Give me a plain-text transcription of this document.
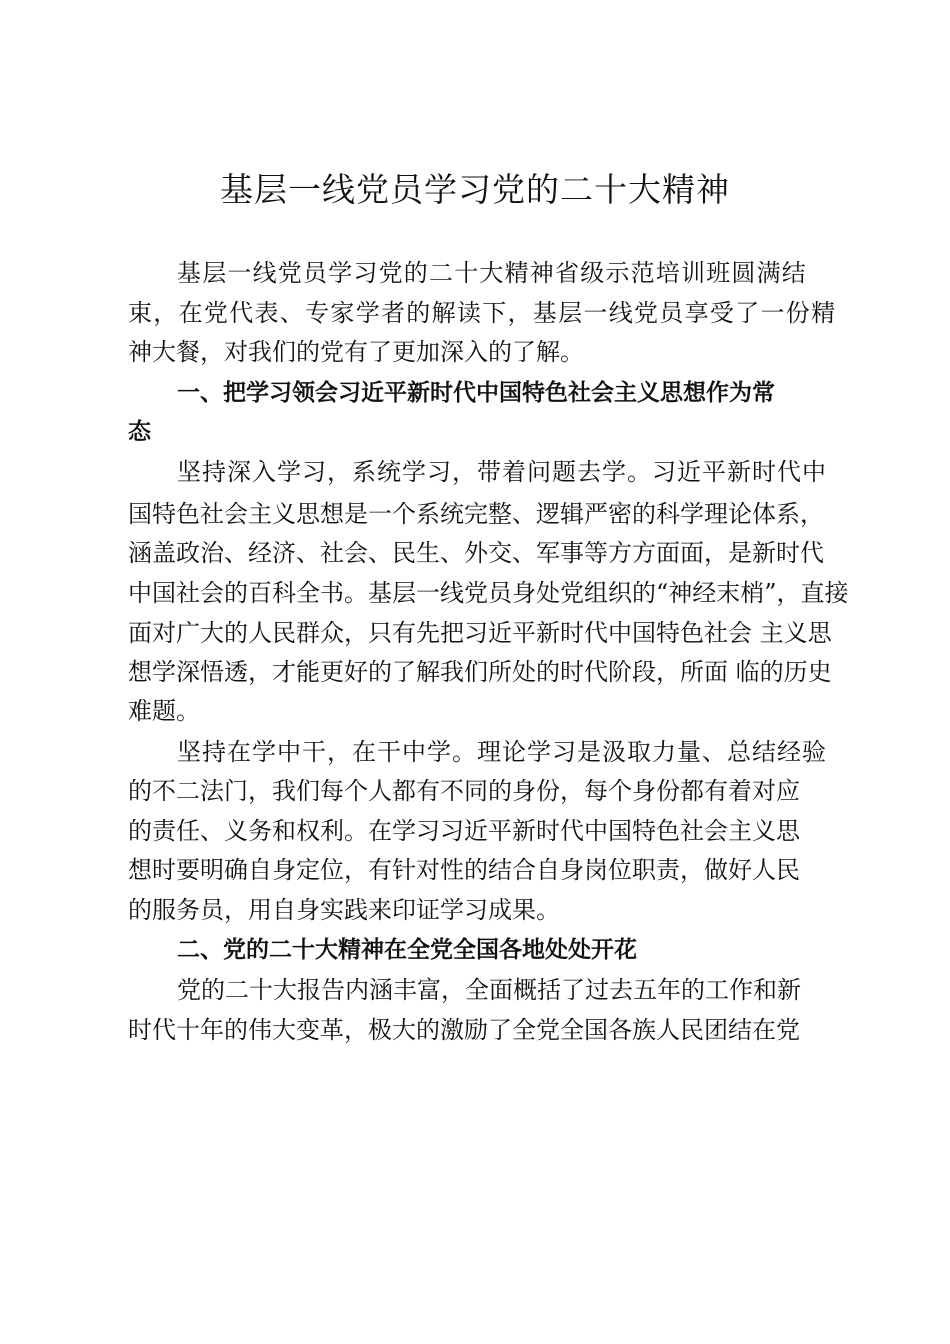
基层一线党员学习党的二十大精神

基层一线党员学习党的二十大精神省级示范培训班圆满结

束，在党代表、专家学者的解读下，基层一线党员享受了一份精

神大餐，对我们的党有了更加深入的了解。

一、把学习领会习近平新时代中国特色社会主义思想作为常

态

坚持深入学习，系统学习，带着问题去学。习近平新时代中

国特色社会主义思想是一个系统完整、逻辑严密的科学理论体系，

涵盖政治、经济、社会、民生、外交、军事等方方面面，是新时代

中国社会的百科全书。基层一线党员身处党组织的“神经末梢”，直接

面对广大的人民群众，只有先把习近平新时代中国特色社会 主义思

想学深悟透，才能更好的了解我们所处的时代阶段，所面 临的历史

难题。

坚持在学中干，在干中学。理论学习是汲取力量、总结经验

的不二法门，我们每个人都有不同的身份，每个身份都有着对应

的责任、义务和权利。在学习习近平新时代中国特色社会主义思

想时要明确自身定位，有针对性的结合自身岗位职责，做好人民

的服务员，用自身实践来印证学习成果。

二、党的二十大精神在全党全国各地处处开花

党的二十大报告内涵丰富，全面概括了过去五年的工作和新

时代十年的伟大变革，极大的激励了全党全国各族人民团结在党
